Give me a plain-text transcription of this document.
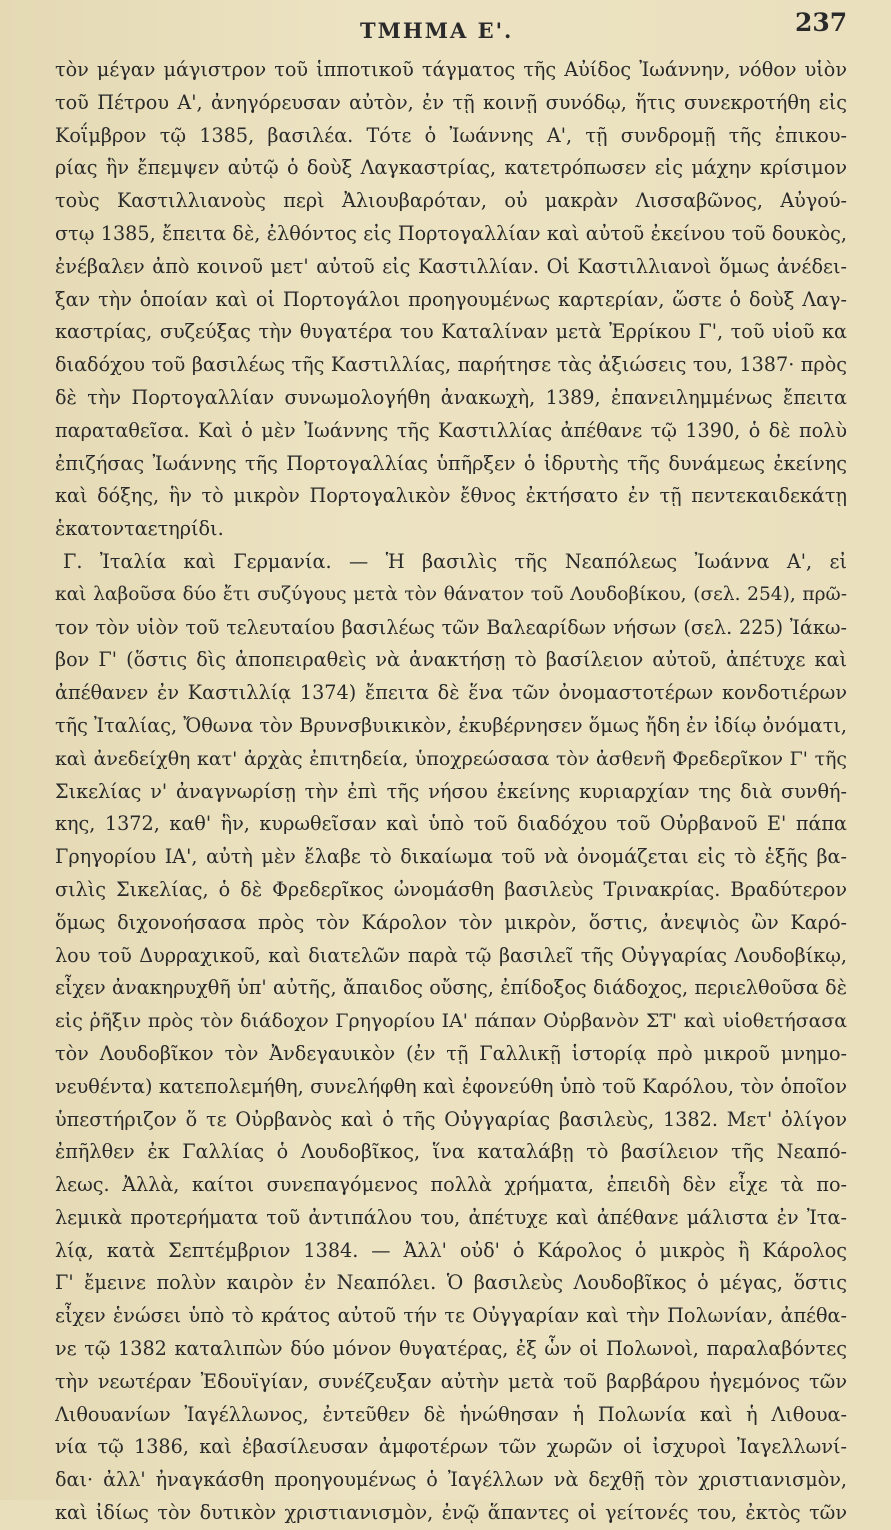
ΤΜΗΜΑ Ε'.	237
τὸν μέγαν μάγιστρον τοῦ ἱπποτικοῦ τάγματος τῆς Αὐίδος Ἰωάννην, νόθον υἱὸν
τοῦ Πέτρου Α', ἀνηγόρευσαν αὐτὸν, ἐν τῇ κοινῇ συνόδῳ, ἥτις συνεκροτήθη εἰς
Κοΐμβρον τῷ 1385, βασιλέα. Τότε ὁ Ἰωάννης Α', τῇ συνδρομῇ τῆς ἐπικου-
ρίας ἣν ἔπεμψεν αὐτῷ ὁ δοὺξ Λαγκαστρίας, κατετρόπωσεν εἰς μάχην κρίσιμον
τοὺς Καστιλλιανοὺς περὶ Ἀλιουβαρόταν, οὐ μακρὰν Λισσαβῶνος, Αὐγού-
στῳ 1385, ἔπειτα δὲ, ἐλθόντος εἰς Πορτογαλλίαν καὶ αὐτοῦ ἐκείνου τοῦ δουκὸς,
ἐνέβαλεν ἀπὸ κοινοῦ μετ' αὐτοῦ εἰς Καστιλλίαν. Οἱ Καστιλλιανοὶ ὅμως ἀνέδει-
ξαν τὴν ὁποίαν καὶ οἱ Πορτογάλοι προηγουμένως καρτερίαν, ὥστε ὁ δοὺξ Λαγ-
καστρίας, συζεύξας τὴν θυγατέρα του Καταλίναν μετὰ Ἐρρίκου Γ', τοῦ υἱοῦ κα
διαδόχου τοῦ βασιλέως τῆς Καστιλλίας, παρήτησε τὰς ἀξιώσεις του, 1387· πρὸς
δὲ τὴν Πορτογαλλίαν συνωμολογήθη ἀνακωχὴ, 1389, ἐπανειλημμένως ἔπειτα
παραταθεῖσα. Καὶ ὁ μὲν Ἰωάννης τῆς Καστιλλίας ἀπέθανε τῷ 1390, ὁ δὲ πολὺ
ἐπιζήσας Ἰωάννης τῆς Πορτογαλλίας ὑπῆρξεν ὁ ἱδρυτὴς τῆς δυνάμεως ἐκείνης
καὶ δόξης, ἣν τὸ μικρὸν Πορτογαλικὸν ἔθνος ἐκτήσατο ἐν τῇ πεντεκαιδεκάτῃ
ἑκατονταετηρίδι.
Γ. Ἰταλία καὶ Γερμανία. — Ἡ βασιλὶς τῆς Νεαπόλεως Ἰωάννα Α', εἰ
καὶ λαβοῦσα δύο ἔτι συζύγους μετὰ τὸν θάνατον τοῦ Λουδοβίκου, (σελ. 254), πρῶ-
τον τὸν υἱὸν τοῦ τελευταίου βασιλέως τῶν Βαλεαρίδων νήσων (σελ. 225) Ἰάκω-
βον Γ' (ὅστις δὶς ἀποπειραθεὶς νὰ ἀνακτήσῃ τὸ βασίλειον αὐτοῦ, ἀπέτυχε καὶ
ἀπέθανεν ἐν Καστιλλίᾳ 1374) ἔπειτα δὲ ἕνα τῶν ὀνομαστοτέρων κονδοτιέρων
τῆς Ἰταλίας, Ὄθωνα τὸν Βρυνσβυικικὸν, ἐκυβέρνησεν ὅμως ἤδη ἐν ἰδίῳ ὀνόματι,
καὶ ἀνεδείχθη κατ' ἀρχὰς ἐπιτηδεία, ὑποχρεώσασα τὸν ἀσθενῆ Φρεδερῖκον Γ' τῆς
Σικελίας ν' ἀναγνωρίσῃ τὴν ἐπὶ τῆς νήσου ἐκείνης κυριαρχίαν της διὰ συνθή-
κης, 1372, καθ' ἣν, κυρωθεῖσαν καὶ ὑπὸ τοῦ διαδόχου τοῦ Οὐρβανοῦ Ε' πάπα
Γρηγορίου ΙΑ', αὐτὴ μὲν ἔλαβε τὸ δικαίωμα τοῦ νὰ ὀνομάζεται εἰς τὸ ἑξῆς βα-
σιλὶς Σικελίας, ὁ δὲ Φρεδερῖκος ὠνομάσθη βασιλεὺς Τρινακρίας. Βραδύτερον
ὅμως διχονοήσασα πρὸς τὸν Κάρολον τὸν μικρὸν, ὅστις, ἀνεψιὸς ὢν Καρό-
λου τοῦ Δυρραχικοῦ, καὶ διατελῶν παρὰ τῷ βασιλεῖ τῆς Οὐγγαρίας Λουδοβίκῳ,
εἶχεν ἀνακηρυχθῆ ὑπ' αὐτῆς, ἄπαιδος οὔσης, ἐπίδοξος διάδοχος, περιελθοῦσα δὲ
εἰς ῥῆξιν πρὸς τὸν διάδοχον Γρηγορίου ΙΑ' πάπαν Οὐρβανὸν ΣΤ' καὶ υἱοθετήσασα
τὸν Λουδοβῖκον τὸν Ἀνδεγαυικὸν (ἐν τῇ Γαλλικῇ ἱστορίᾳ πρὸ μικροῦ μνημο-
νευθέντα) κατεπολεμήθη, συνελήφθη καὶ ἐφονεύθη ὑπὸ τοῦ Καρόλου, τὸν ὁποῖον
ὑπεστήριζον ὅ τε Οὐρβανὸς καὶ ὁ τῆς Οὐγγαρίας βασιλεὺς, 1382. Μετ' ὀλίγον
ἐπῆλθεν ἐκ Γαλλίας ὁ Λουδοβῖκος, ἵνα καταλάβῃ τὸ βασίλειον τῆς Νεαπό-
λεως. Ἀλλὰ, καίτοι συνεπαγόμενος πολλὰ χρήματα, ἐπειδὴ δὲν εἶχε τὰ πο-
λεμικὰ προτερήματα τοῦ ἀντιπάλου του, ἀπέτυχε καὶ ἀπέθανε μάλιστα ἐν Ἰτα-
λίᾳ, κατὰ Σεπτέμβριον 1384. — Ἀλλ' οὐδ' ὁ Κάρολος ὁ μικρὸς ἢ Κάρολος
Γ' ἔμεινε πολὺν καιρὸν ἐν Νεαπόλει. Ὁ βασιλεὺς Λουδοβῖκος ὁ μέγας, ὅστις
εἶχεν ἑνώσει ὑπὸ τὸ κράτος αὐτοῦ τήν τε Οὐγγαρίαν καὶ τὴν Πολωνίαν, ἀπέθα-
νε τῷ 1382 καταλιπὼν δύο μόνον θυγατέρας, ἐξ ὧν οἱ Πολωνοὶ, παραλαβόντες
τὴν νεωτέραν Ἐδουϊγίαν, συνέζευξαν αὐτὴν μετὰ τοῦ βαρβάρου ἡγεμόνος τῶν
Λιθουανίων Ἰαγέλλωνος, ἐντεῦθεν δὲ ἡνώθησαν ἡ Πολωνία καὶ ἡ Λιθουα-
νία τῷ 1386, καὶ ἐβασίλευσαν ἀμφοτέρων τῶν χωρῶν οἱ ἰσχυροὶ Ἰαγελλωνί-
δαι· ἀλλ' ἠναγκάσθη προηγουμένως ὁ Ἰαγέλλων νὰ δεχθῇ τὸν χριστιανισμὸν,
καὶ ἰδίως τὸν δυτικὸν χριστιανισμὸν, ἐνῷ ἅπαντες οἱ γείτονές του, ἐκτὸς τῶν
